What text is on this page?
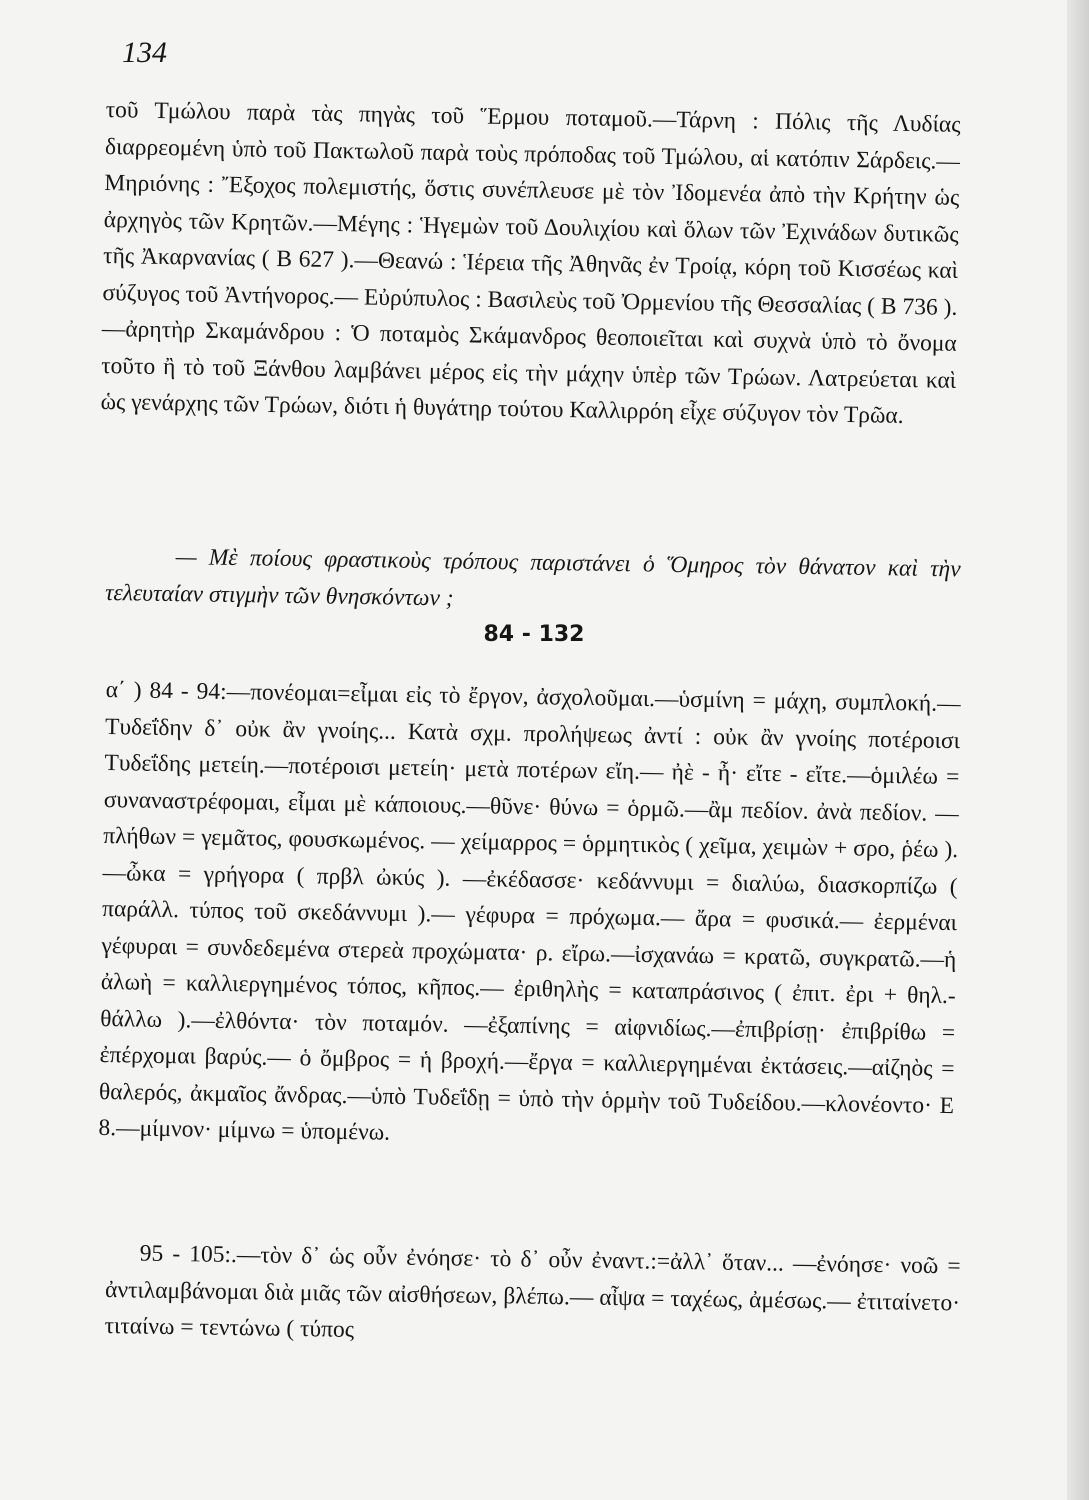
134

τοῦ Τμώλου παρὰ τὰς πηγὰς τοῦ Ἕρμου ποταμοῦ.—Τάρνη : Πόλις τῆς Λυδίας διαρρεομένη ὑπὸ τοῦ Πακτωλοῦ παρὰ τοὺς πρόποδας τοῦ Τμώλου, αἱ κατόπιν Σάρδεις.—Μηριόνης : Ἔξοχος πολεμιστής, ὅστις συνέπλευσε μὲ τὸν Ἰδομενέα ἀπὸ τὴν Κρήτην ὡς ἀρχηγὸς τῶν Κρητῶν.—Μέγης : Ἡγεμὼν τοῦ Δουλιχίου καὶ ὅλων τῶν Ἐχινάδων δυτικῶς τῆς Ἀκαρνανίας ( Β 627 ).—Θεανώ : Ἱέρεια τῆς Ἀθηνᾶς ἐν Τροίᾳ, κόρη τοῦ Κισσέως καὶ σύζυγος τοῦ Ἀντήνορος.— Εὐρύπυλος : Βασιλεὺς τοῦ Ὀρμενίου τῆς Θεσσαλίας ( Β 736 ).—ἀρητὴρ Σκαμάνδρου : Ὁ ποταμὸς Σκάμανδρος θεοποιεῖται καὶ συχνὰ ὑπὸ τὸ ὄνομα τοῦτο ἢ τὸ τοῦ Ξάνθου λαμβάνει μέρος εἰς τὴν μάχην ὑπὲρ τῶν Τρώων. Λατρεύεται καὶ ὡς γενάρχης τῶν Τρώων, διότι ἡ θυγάτηρ τούτου Καλλιρρόη εἶχε σύζυγον τὸν Τρῶα.

— Μὲ ποίους φραστικοὺς τρόπους παριστάνει ὁ Ὅμηρος τὸν θάνατον καὶ τὴν τελευταίαν στιγμὴν τῶν θνησκόντων ;

84 - 132

α΄ ) 84 - 94:—πονέομαι=εἶμαι εἰς τὸ ἔργον, ἀσχολοῦμαι.—ὑσμίνη = μάχη, συμπλοκή.—Τυδεΐδην δ᾽ οὐκ ἂν γνοίης... Κατὰ σχμ. προλήψεως ἀντί : οὐκ ἂν γνοίης ποτέροισι Τυδεΐδης μετείη.—ποτέροισι μετείη· μετὰ ποτέρων εἴη.— ἠὲ - ἦ· εἴτε - εἴτε.—ὁμιλέω = συναναστρέφομαι, εἶμαι μὲ κάποιους.—θῦνε· θύνω = ὁρμῶ.—ἂμ πεδίον. ἀνὰ πεδίον. — πλήθων = γεμᾶτος, φουσκωμένος. — χείμαρρος = ὁρμητικὸς ( χεῖμα, χειμὼν + σρο, ῥέω ).—ὦκα = γρήγορα ( πρβλ ὠκύς ). —ἐκέδασσε· κεδάννυμι = διαλύω, διασκορπίζω ( παράλλ. τύπος τοῦ σκεδάννυμι ).— γέφυρα = πρόχωμα.— ἄρα = φυσικά.— ἐερμέναι γέφυραι = συνδεδεμένα στερεὰ προχώματα· ρ. εἴρω.—ἰσχανάω = κρατῶ, συγκρατῶ.—ἡ ἀλωὴ = καλλιεργημένος τόπος, κῆπος.— ἐριθηλὴς = καταπράσινος ( ἐπιτ. ἐρι + θηλ.- θάλλω ).—ἐλθόντα· τὸν ποταμόν. —ἐξαπίνης = αἰφνιδίως.—ἐπιβρίσῃ· ἐπιβρίθω = ἐπέρχομαι βαρύς.— ὁ ὄμβρος = ἡ βροχή.—ἔργα = καλλιεργημέναι ἐκτάσεις.—αἰζηὸς = θαλερός, ἀκμαῖος ἄνδρας.—ὑπὸ Τυδεΐδῃ = ὑπὸ τὴν ὁρμὴν τοῦ Τυδείδου.—κλονέοντο· Ε 8.—μίμνον· μίμνω = ὑπομένω.

95 - 105:.—τὸν δ᾽ ὡς οὖν ἐνόησε· τὸ δ᾽ οὖν ἐναντ.:=ἀλλ᾽ ὅταν... —ἐνόησε· νοῶ = ἀντιλαμβάνομαι διὰ μιᾶς τῶν αἰσθήσεων, βλέπω.— αἶψα = ταχέως, ἀμέσως.— ἐτιταίνετο· τιταίνω = τεντώνω ( τύπος
